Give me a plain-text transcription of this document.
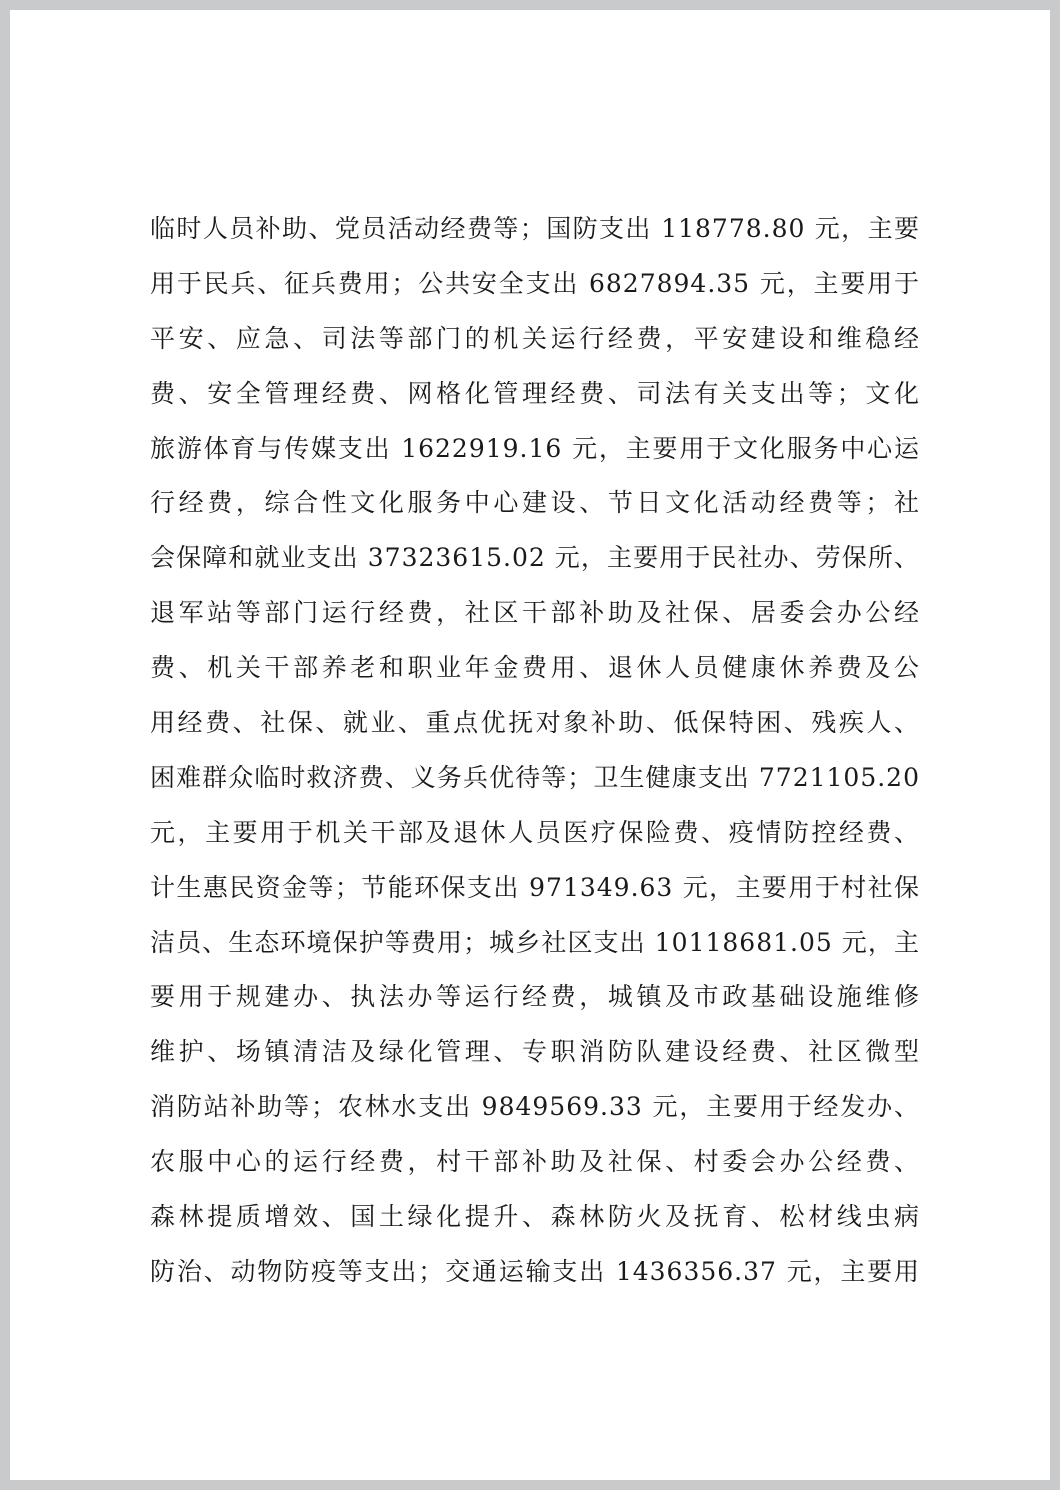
临时人员补助、党员活动经费等；国防支出 118778.80 元，主要
用于民兵、征兵费用；公共安全支出 6827894.35 元，主要用于
平安、应急、司法等部门的机关运行经费，平安建设和维稳经
费、安全管理经费、网格化管理经费、司法有关支出等；文化
旅游体育与传媒支出 1622919.16 元，主要用于文化服务中心运
行经费，综合性文化服务中心建设、节日文化活动经费等；社
会保障和就业支出 37323615.02 元，主要用于民社办、劳保所、
退军站等部门运行经费，社区干部补助及社保、居委会办公经
费、机关干部养老和职业年金费用、退休人员健康休养费及公
用经费、社保、就业、重点优抚对象补助、低保特困、残疾人、
困难群众临时救济费、义务兵优待等；卫生健康支出 7721105.20
元，主要用于机关干部及退休人员医疗保险费、疫情防控经费、
计生惠民资金等；节能环保支出 971349.63 元，主要用于村社保
洁员、生态环境保护等费用；城乡社区支出 10118681.05 元，主
要用于规建办、执法办等运行经费，城镇及市政基础设施维修
维护、场镇清洁及绿化管理、专职消防队建设经费、社区微型
消防站补助等；农林水支出 9849569.33 元，主要用于经发办、
农服中心的运行经费，村干部补助及社保、村委会办公经费、
森林提质增效、国土绿化提升、森林防火及抚育、松材线虫病
防治、动物防疫等支出；交通运输支出 1436356.37 元，主要用
